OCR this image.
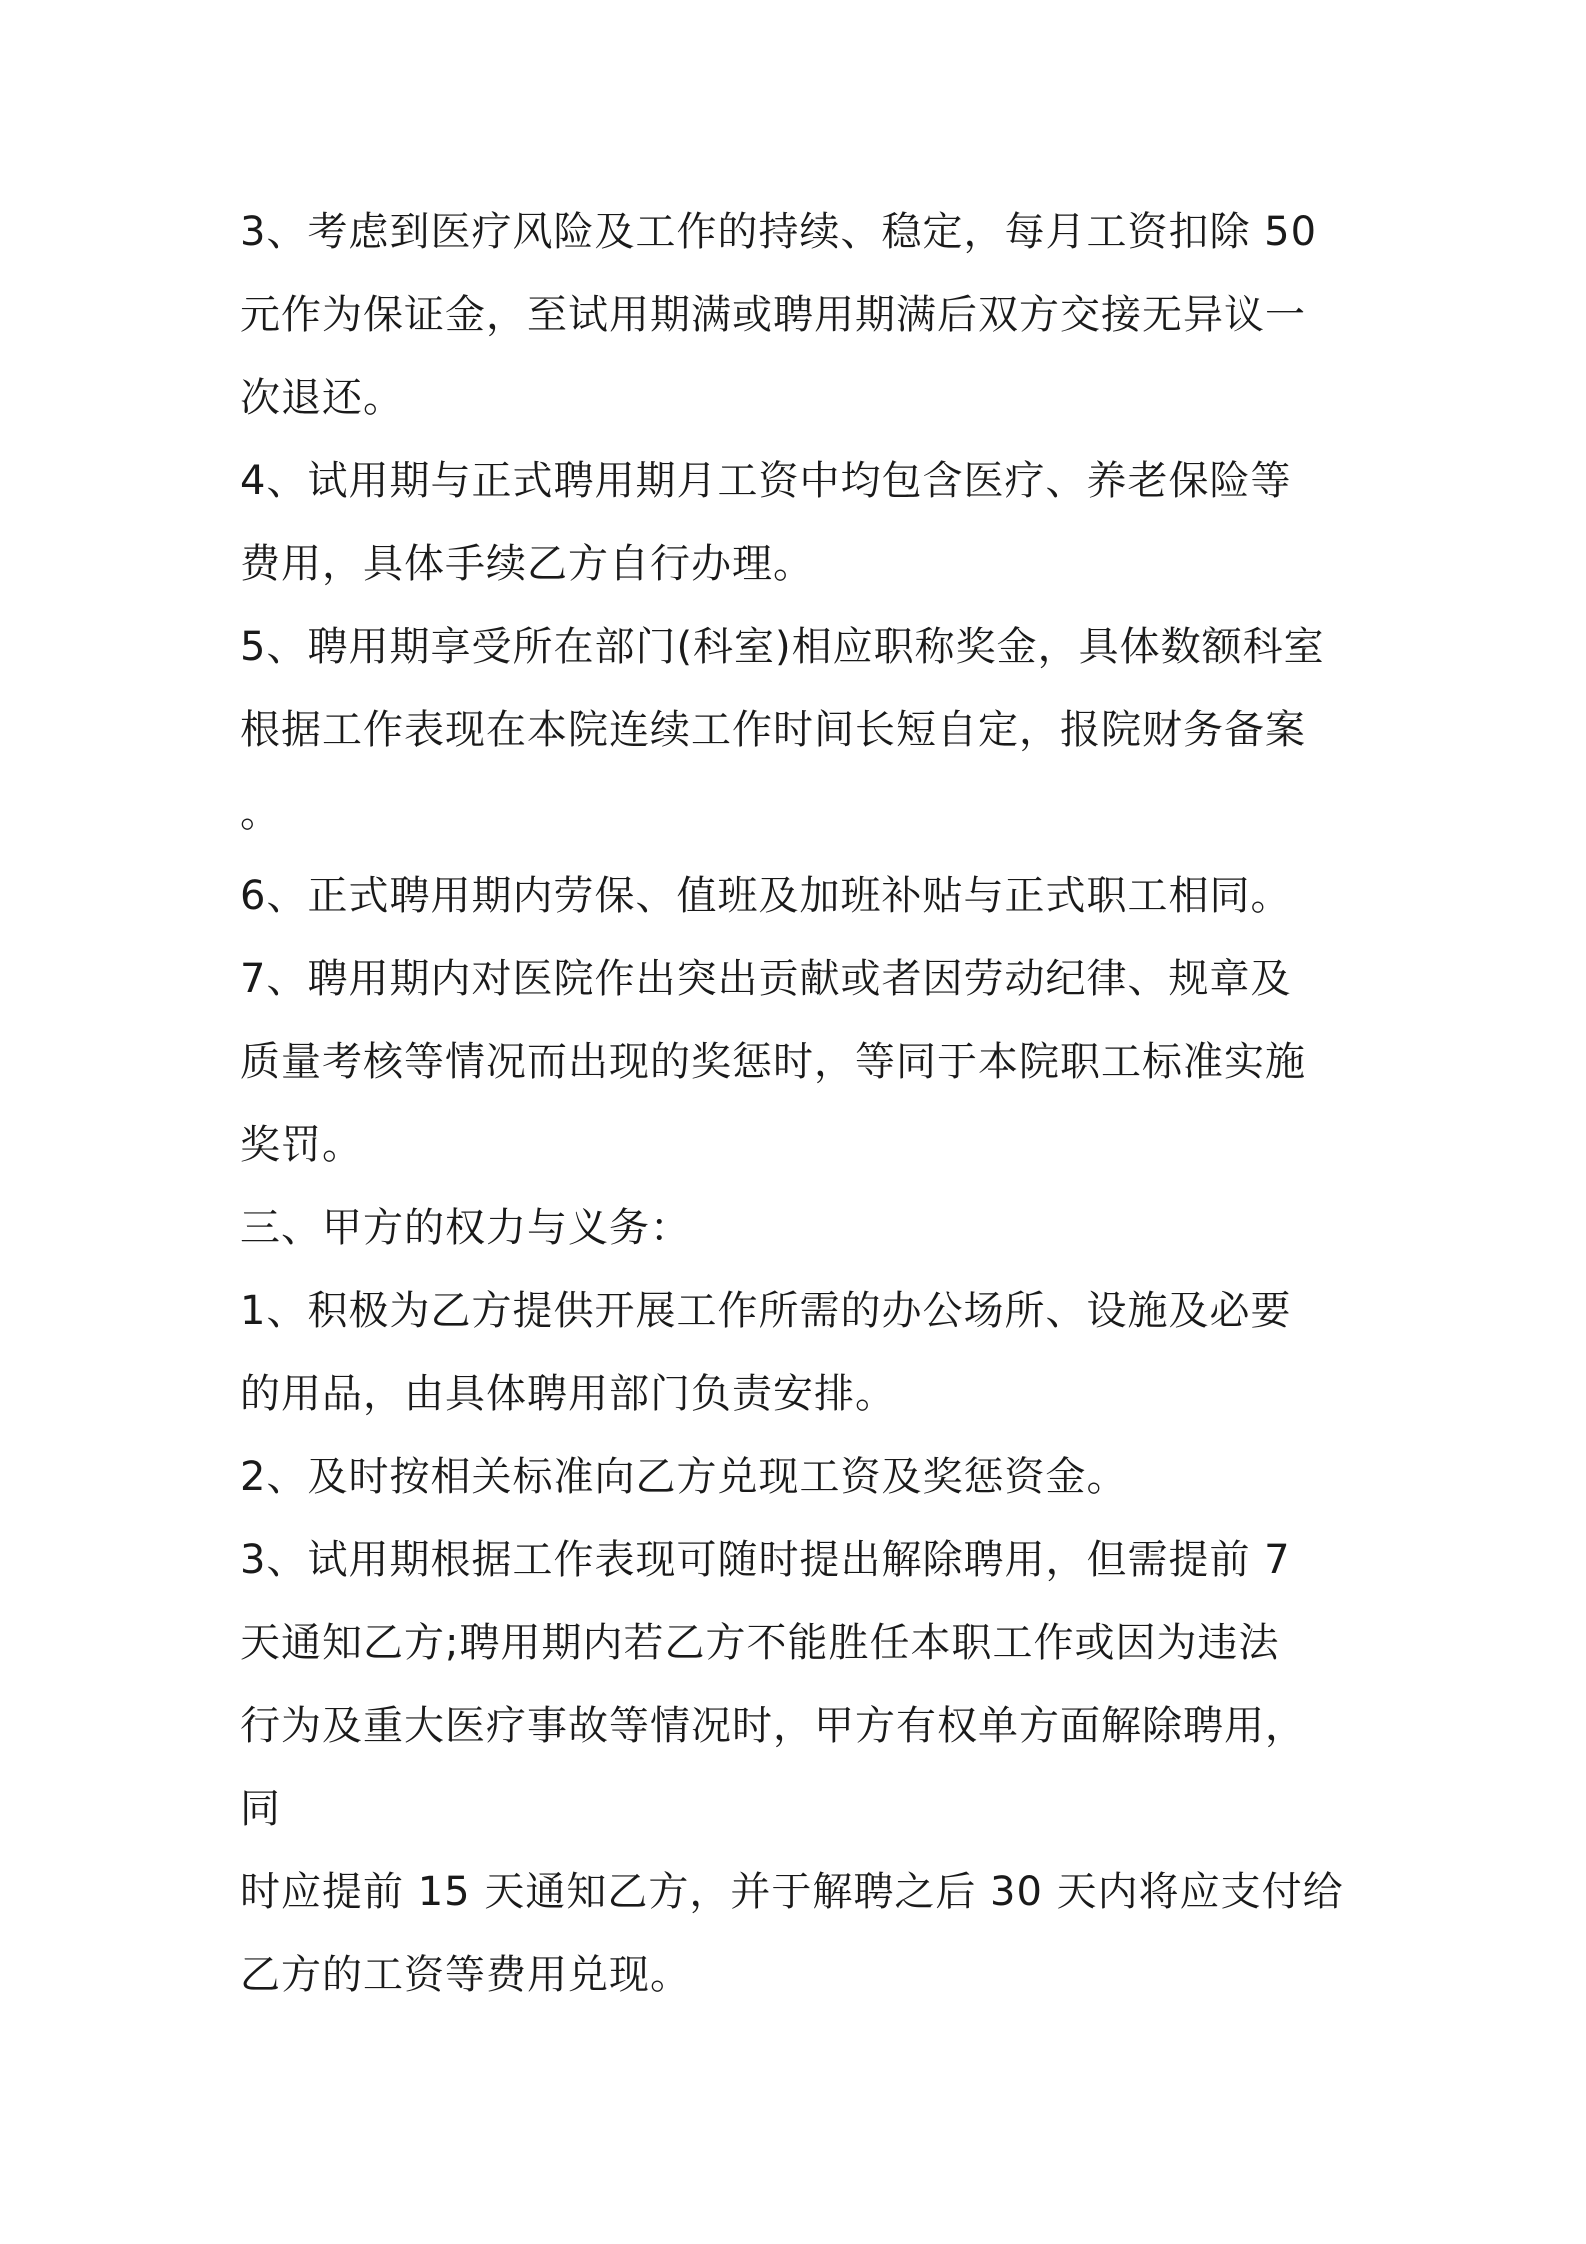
3、考虑到医疗风险及工作的持续、稳定，每月工资扣除 50

元作为保证金，至试用期满或聘用期满后双方交接无异议一

次退还。

4、试用期与正式聘用期月工资中均包含医疗、养老保险等

费用，具体手续乙方自行办理。

5、聘用期享受所在部门(科室)相应职称奖金，具体数额科室

根据工作表现在本院连续工作时间长短自定，报院财务备案

。

6、正式聘用期内劳保、值班及加班补贴与正式职工相同。

7、聘用期内对医院作出突出贡献或者因劳动纪律、规章及

质量考核等情况而出现的奖惩时，等同于本院职工标准实施

奖罚。

三、甲方的权力与义务：

1、积极为乙方提供开展工作所需的办公场所、设施及必要

的用品，由具体聘用部门负责安排。

2、及时按相关标准向乙方兑现工资及奖惩资金。

3、试用期根据工作表现可随时提出解除聘用，但需提前 7

天通知乙方;聘用期内若乙方不能胜任本职工作或因为违法

行为及重大医疗事故等情况时，甲方有权单方面解除聘用，

同

时应提前 15 天通知乙方，并于解聘之后 30 天内将应支付给

乙方的工资等费用兑现。
